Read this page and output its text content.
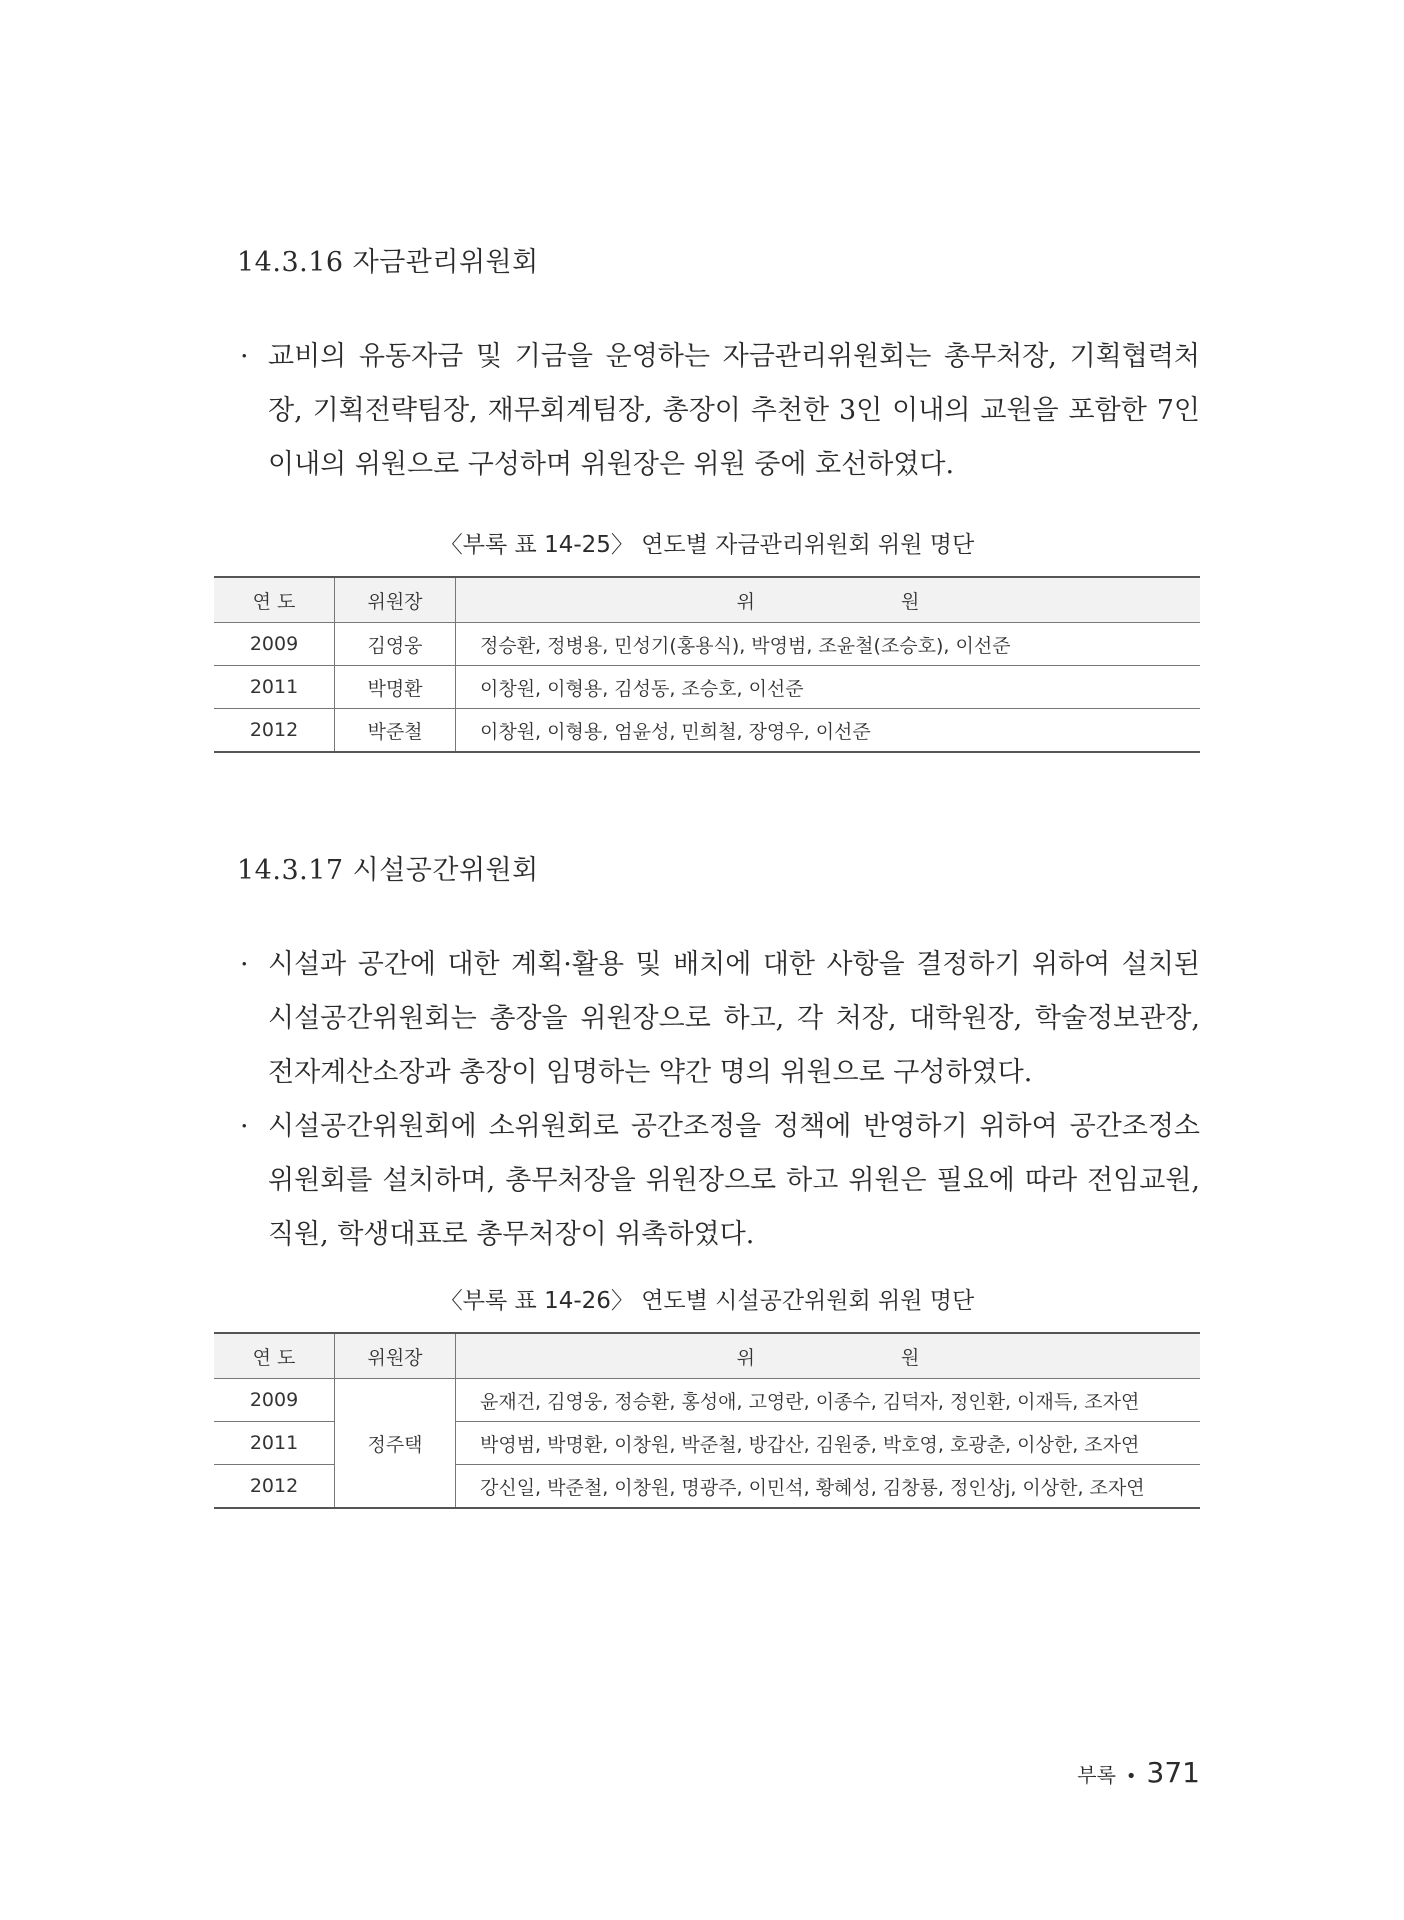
14.3.16 자금관리위원회
· 교비의 유동자금 및 기금을 운영하는 자금관리위원회는 총무처장, 기획협력처장, 기획전략팀장, 재무회계팀장, 총장이 추천한 3인 이내의 교원을 포함한 7인 이내의 위원으로 구성하며 위원장은 위원 중에 호선하였다.
〈부록 표 14-25〉 연도별 자금관리위원회 위원 명단
연 도	위원장	위 원
2009	김영웅	정승환, 정병용, 민성기(홍용식), 박영범, 조윤철(조승호), 이선준
2011	박명환	이창원, 이형용, 김성동, 조승호, 이선준
2012	박준철	이창원, 이형용, 엄윤성, 민희철, 장영우, 이선준
14.3.17 시설공간위원회
· 시설과 공간에 대한 계획·활용 및 배치에 대한 사항을 결정하기 위하여 설치된 시설공간위원회는 총장을 위원장으로 하고, 각 처장, 대학원장, 학술정보관장, 전자계산소장과 총장이 임명하는 약간 명의 위원으로 구성하였다.
· 시설공간위원회에 소위원회로 공간조정을 정책에 반영하기 위하여 공간조정소위원회를 설치하며, 총무처장을 위원장으로 하고 위원은 필요에 따라 전임교원, 직원, 학생대표로 총무처장이 위촉하였다.
〈부록 표 14-26〉 연도별 시설공간위원회 위원 명단
연 도	위원장	위 원
2009	정주택	윤재건, 김영웅, 정승환, 홍성애, 고영란, 이종수, 김덕자, 정인환, 이재득, 조자연
2011		박영범, 박명환, 이창원, 박준철, 방갑산, 김원중, 박호영, 호광춘, 이상한, 조자연
2012		강신일, 박준철, 이창원, 명광주, 이민석, 황혜성, 김창룡, 정인상j, 이상한, 조자연
부록 • 371
